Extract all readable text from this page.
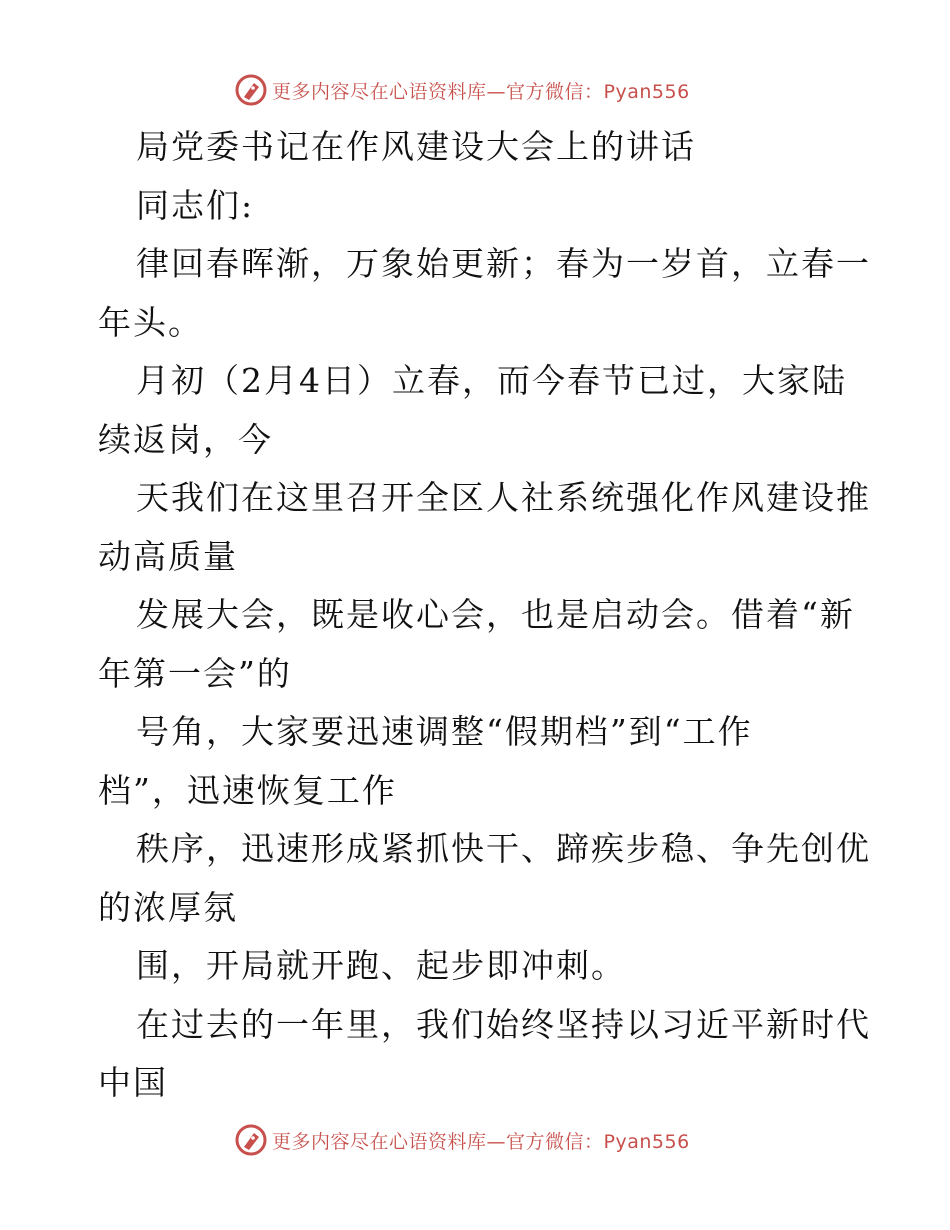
更多内容尽在心语资料库—官方微信：Pyan556
局党委书记在作风建设大会上的讲话
同志们:
律回春晖渐，万象始更新；春为一岁首，立春一
年头。
月初（2月4日）立春，而今春节已过，大家陆
续返岗，今
天我们在这里召开全区人社系统强化作风建设推
动高质量
发展大会，既是收心会，也是启动会。借着“新
年第一会”的
号角，大家要迅速调整“假期档”到“工作
档”，迅速恢复工作
秩序，迅速形成紧抓快干、蹄疾步稳、争先创优
的浓厚氛
围，开局就开跑、起步即冲刺。
在过去的一年里，我们始终坚持以习近平新时代
中国
更多内容尽在心语资料库—官方微信：Pyan556
